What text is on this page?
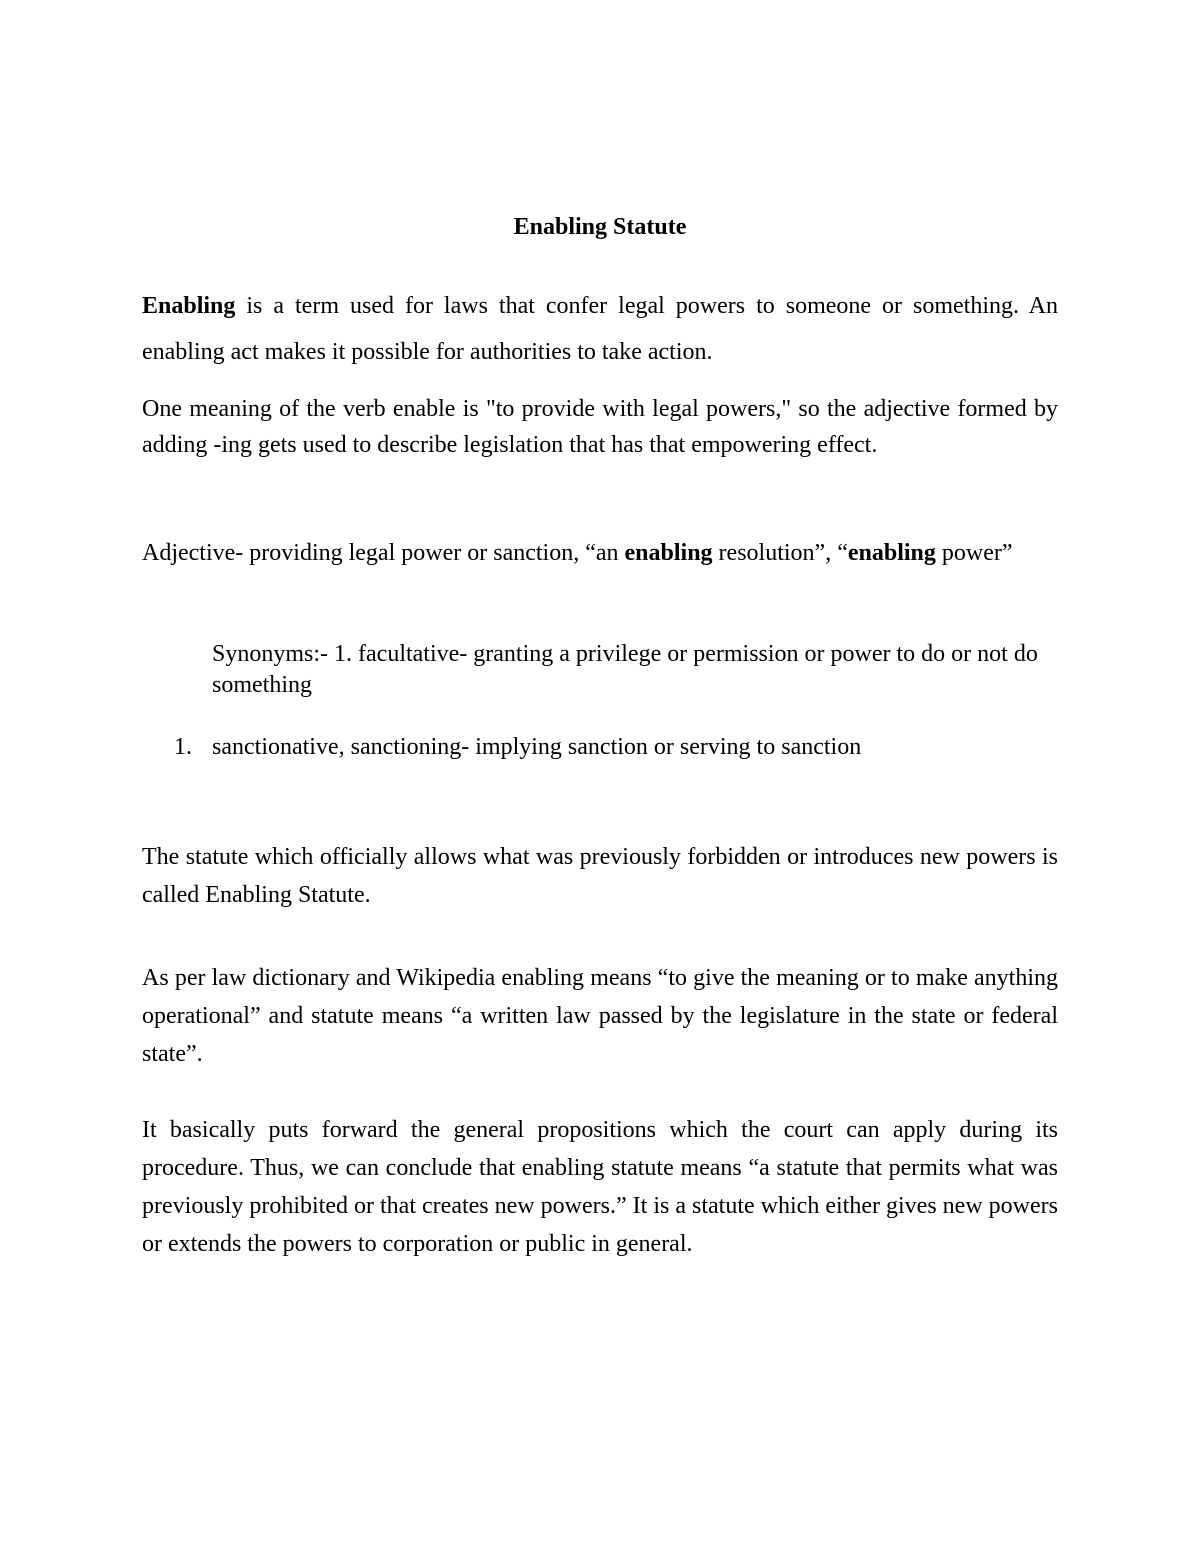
Enabling Statute

Enabling is a term used for laws that confer legal powers to someone or something. An enabling act makes it possible for authorities to take action.

One meaning of the verb enable is "to provide with legal powers," so the adjective formed by adding -ing gets used to describe legislation that has that empowering effect.

Adjective- providing legal power or sanction, “an enabling resolution”, “enabling power”

Synonyms:- 1. facultative- granting a privilege or permission or power to do or not do something

1. sanctionative, sanctioning- implying sanction or serving to sanction

The statute which officially allows what was previously forbidden or introduces new powers is called Enabling Statute.

As per law dictionary and Wikipedia enabling means “to give the meaning or to make anything operational” and statute means “a written law passed by the legislature in the state or federal state”.

It basically puts forward the general propositions which the court can apply during its procedure. Thus, we can conclude that enabling statute means “a statute that permits what was previously prohibited or that creates new powers.” It is a statute which either gives new powers or extends the powers to corporation or public in general.
